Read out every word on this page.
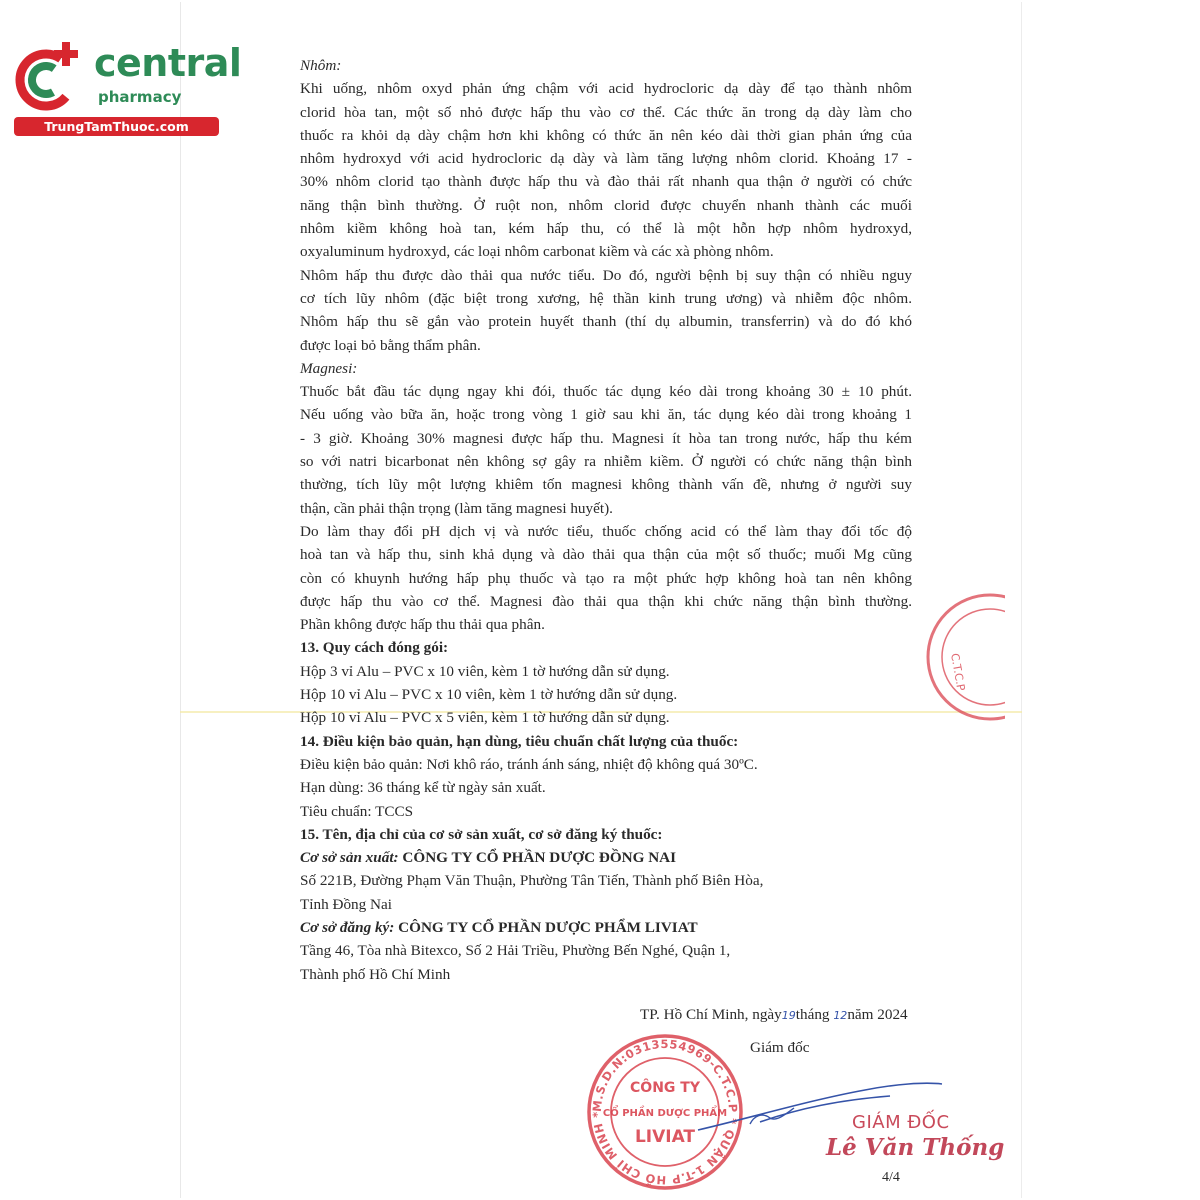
central
pharmacy
TrungTamThuoc.com
Nhôm:
Khi uống, nhôm oxyd phản ứng chậm với acid hydrocloric dạ dày để tạo thành nhôm
clorid hòa tan, một số nhỏ được hấp thu vào cơ thể. Các thức ăn trong dạ dày làm cho
thuốc ra khỏi dạ dày chậm hơn khi không có thức ăn nên kéo dài thời gian phản ứng của
nhôm hydroxyd với acid hydrocloric dạ dày và làm tăng lượng nhôm clorid. Khoảng 17 -
30% nhôm clorid tạo thành được hấp thu và đào thải rất nhanh qua thận ở người có chức
năng thận bình thường. Ở ruột non, nhôm clorid được chuyển nhanh thành các muối
nhôm kiềm không hoà tan, kém hấp thu, có thể là một hỗn hợp nhôm hydroxyd,
oxyaluminum hydroxyd, các loại nhôm carbonat kiềm và các xà phòng nhôm.
Nhôm hấp thu được dào thải qua nước tiểu. Do đó, người bệnh bị suy thận có nhiều nguy
cơ tích lũy nhôm (đặc biệt trong xương, hệ thần kinh trung ương) và nhiễm độc nhôm.
Nhôm hấp thu sẽ gắn vào protein huyết thanh (thí dụ albumin, transferrin) và do đó khó
được loại bỏ bằng thẩm phân.
Magnesi:
Thuốc bắt đầu tác dụng ngay khi đói, thuốc tác dụng kéo dài trong khoảng 30 ± 10 phút.
Nếu uống vào bữa ăn, hoặc trong vòng 1 giờ sau khi ăn, tác dụng kéo dài trong khoảng 1
- 3 giờ. Khoảng 30% magnesi được hấp thu. Magnesi ít hòa tan trong nước, hấp thu kém
so với natri bicarbonat nên không sợ gây ra nhiễm kiềm. Ở người có chức năng thận bình
thường, tích lũy một lượng khiêm tốn magnesi không thành vấn đề, nhưng ở người suy
thận, cần phải thận trọng (làm tăng magnesi huyết).
Do làm thay đổi pH dịch vị và nước tiểu, thuốc chống acid có thể làm thay đổi tốc độ
hoà tan và hấp thu, sinh khả dụng và dào thải qua thận của một số thuốc; muối Mg cũng
còn có khuynh hướng hấp phụ thuốc và tạo ra một phức hợp không hoà tan nên không
được hấp thu vào cơ thể. Magnesi đào thải qua thận khi chức năng thận bình thường.
Phần không được hấp thu thải qua phân.
13. Quy cách đóng gói:
Hộp 3 vỉ Alu – PVC x 10 viên, kèm 1 tờ hướng dẫn sử dụng.
Hộp 10 vỉ Alu – PVC x 10 viên, kèm 1 tờ hướng dẫn sử dụng.
Hộp 10 vỉ Alu – PVC x 5 viên, kèm 1 tờ hướng dẫn sử dụng.
14. Điều kiện bảo quản, hạn dùng, tiêu chuẩn chất lượng của thuốc:
Điều kiện bảo quản: Nơi khô ráo, tránh ánh sáng, nhiệt độ không quá 30ºC.
Hạn dùng: 36 tháng kể từ ngày sản xuất.
Tiêu chuẩn: TCCS
15. Tên, địa chỉ của cơ sở sản xuất, cơ sở đăng ký thuốc:
Cơ sở sản xuất: CÔNG TY CỔ PHẦN DƯỢC ĐỒNG NAI
Số 221B, Đường Phạm Văn Thuận, Phường Tân Tiến, Thành phố Biên Hòa,
Tỉnh Đồng Nai
Cơ sở đăng ký: CÔNG TY CỔ PHẦN DƯỢC PHẨM LIVIAT
Tầng 46, Tòa nhà Bitexco, Số 2 Hải Triều, Phường Bến Nghé, Quận 1,
Thành phố Hồ Chí Minh
TP. Hồ Chí Minh, ngày19tháng 12năm 2024
Giám đốc
C.T.C.P
M.S.D.N:0313554969-C.T.C.P * QUẬN 1-T.P HỒ CHÍ MINH *
CÔNG TY
CỔ PHẦN DƯỢC PHẨM
LIVIAT
GIÁM ĐỐC
Lê Văn Thống
4/4
